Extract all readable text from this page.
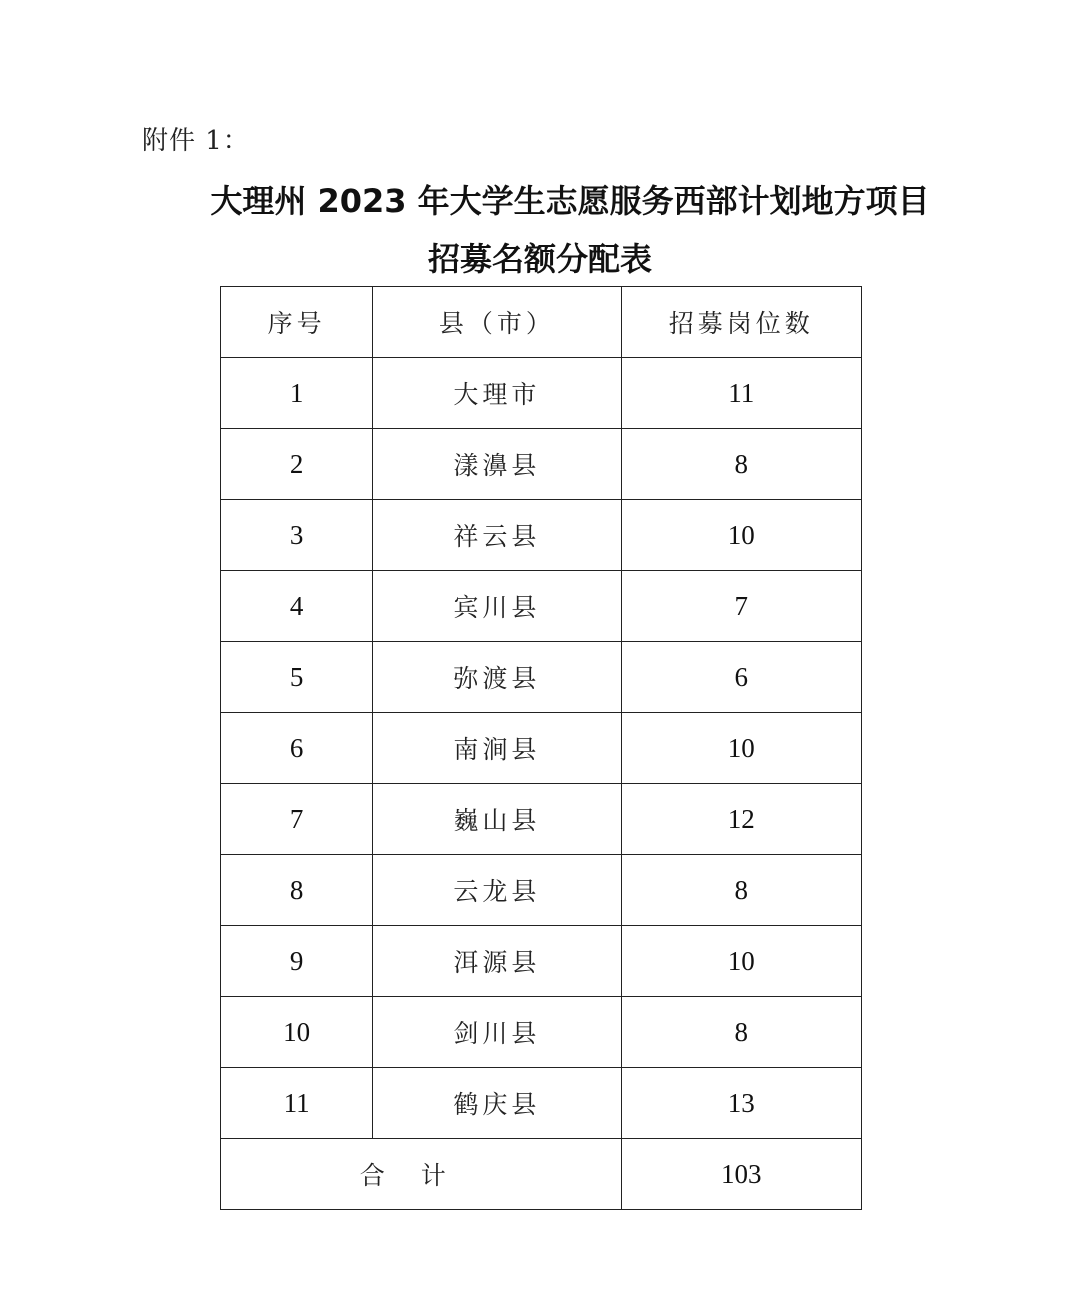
附件 1：
大理州 2023 年大学生志愿服务西部计划地方项目
招募名额分配表
序号	县（市）	招募岗位数
1	大理市	11
2	漾濞县	8
3	祥云县	10
4	宾川县	7
5	弥渡县	6
6	南涧县	10
7	巍山县	12
8	云龙县	8
9	洱源县	10
10	剑川县	8
11	鹤庆县	13
合计		103
